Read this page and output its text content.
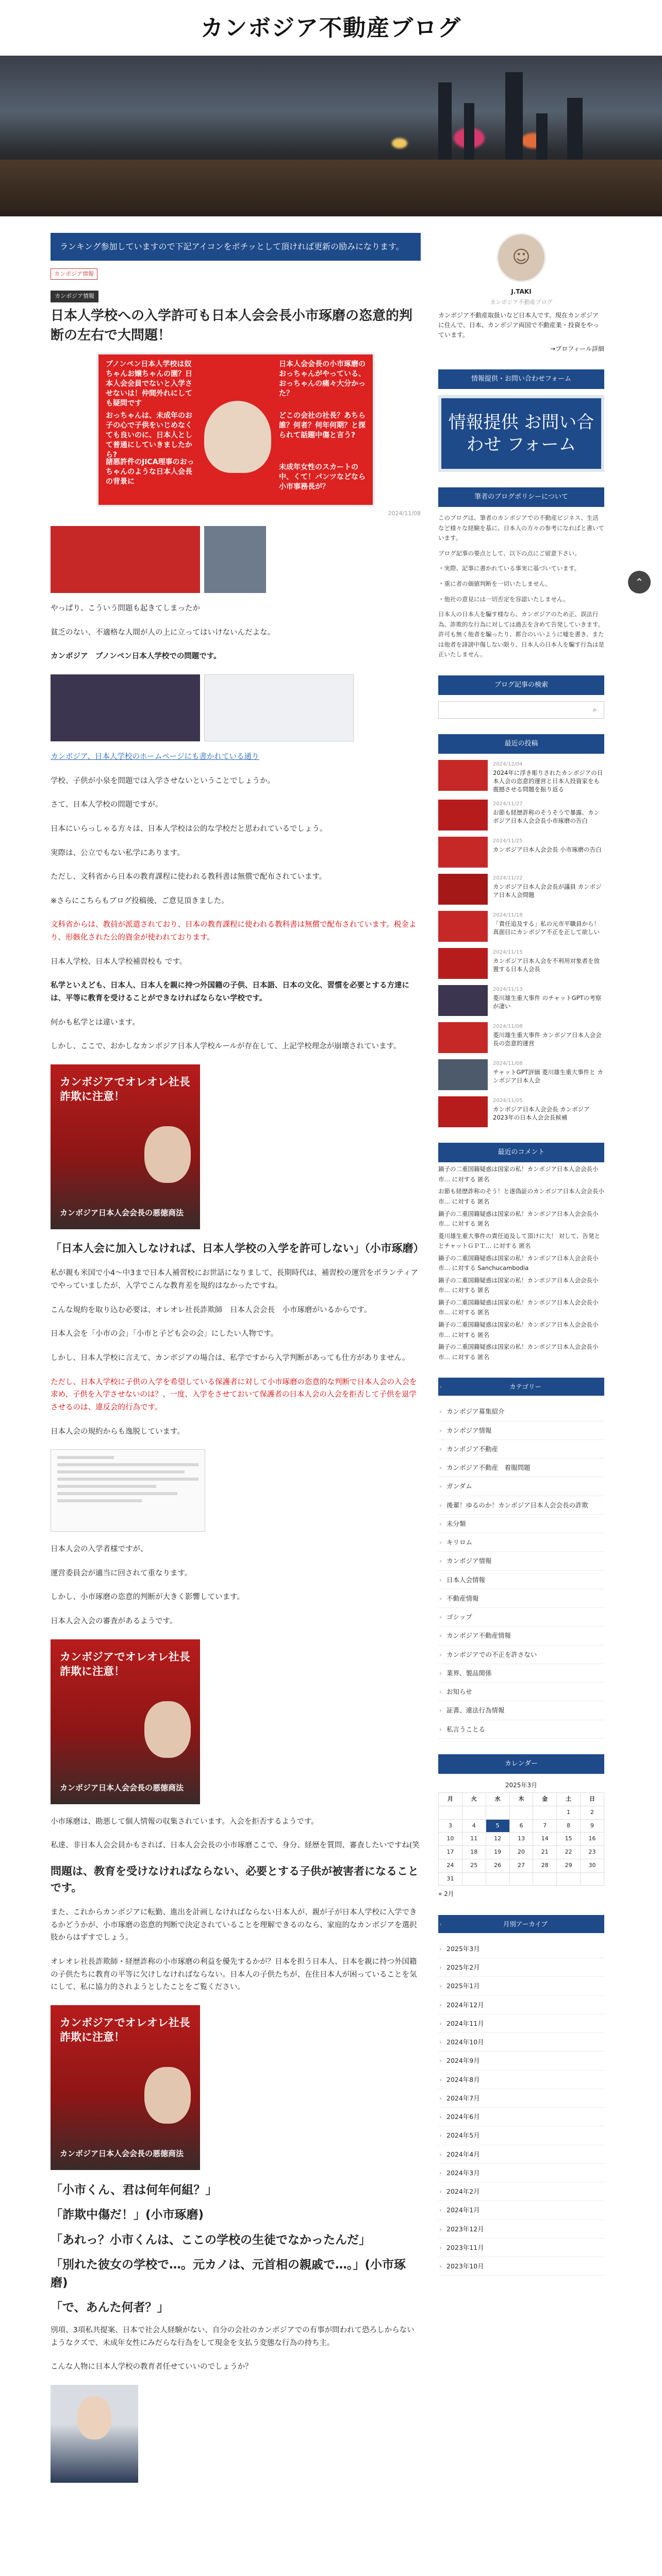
カンボジア不動産ブログ
ランキング参加していますので下記アイコンをポチッとして頂ければ更新の励みになります。
カンボジア情報
カンボジア情報
日本人学校への入学許可も日本人会会長小市琢磨の恣意的判断の左右で大問題！
プノンペン日本人学校は奴ちゃんお嬢ちゃんの園？日本人会会員でないと入学させないは！仲間外れにしても疑問です
日本人会会長の小市琢磨のおっちゃんがやっている、おっちゃんの痛々大分かった？
どこの会社の社長？あちら誰？何者？何年何期？と探られて話題中傷と言う?
おっちゃんは、未成年のお子の心で子供をいじめなくても良いのに、日本人として普通にしていきましたから?
諸悪許件のJICA理事のおっちゃんのような日本人会長の背景に
未成年女性のスカートの中、くて！パンツなどなら小市事務長が？
2024/11/08

やっぱり、こういう問題も起きてしまったか

貧乏のない、不適格な人間が人の上に立ってはいけないんだよな。

カンボジア　プノンペン日本人学校での問題です。

カンボジア、日本人学校のホームページにも書かれている通り

学校、子供が小泉を問題では入学させないということでしょうか。

さて、日本人学校の問題ですが。

日本にいらっしゃる方々は、日本人学校は公的な学校だと思われているでしょう。

実際は、公立でもない私学にあります。

ただし、文科省から日本の教育課程に使われる教科書は無償で配布されています。

※さらにこちらもブログ投稿後、ご意見頂きました。

文科省からは、教員が派遣されており、日本の教育課程に使われる教科書は無償で配布されています。税金より、形骸化された公的資金が使われております。

日本人学校、日本人学校補習校も です。

私学といえども、日本人、日本人を親に持つ外国籍の子供、日本語、日本の文化、習慣を必要とする方達には、平等に教育を受けることができなければならない学校です。

何かも私学とは違います。

しかし、ここで、おかしなカンボジア日本人学校ルールが存在して、上記学校理念が崩壊されています。

カンボジアでオレオレ社長詐欺に注意！
カンボジア日本人会会長の悪徳商法
「日本人会に加入しなければ、日本人学校の入学を許可しない」（小市琢磨）

私が親も米国で小4～中3まで日本人補習校にお世話になりまして、長期時代は、補習校の運営をボランティアでやっていましたが、入学でこんな教育差を規約はなかったですね。

こんな規約を取り込む必要は、オレオレ社長詐欺師　日本人会会長　小市琢磨がいるからです。

日本人会を「小市の会」「小市と子ども会の会」にしたい人物です。

しかし、日本人学校に言えて、カンボジアの場合は、私学ですから入学判断があっても仕方がありません。

ただし、日本人学校に子供の入学を希望している保護者に対して小市琢磨の恣意的な判断で日本人会の入会を求め、子供を入学させないのは？、一度、入学をさせておいて保護者の日本人会の入会を拒否して子供を退学させるのは、違反会的行為です。

日本人会の規約からも逸脱しています。

日本人会の入学者様ですが、

運営委員会が適当に回されて重なります。

しかし、小市琢磨の恣意的判断が大きく影響しています。

日本人会入会の審査があるようです。

カンボジアでオレオレ社長詐欺に注意！
カンボジア日本人会会長の悪徳商法

小市琢磨は、勘悪して個人情報の収集されています。入会を拒否するようです。

私達、非日本人会会員かもされば、日本人会会長の小市琢磨ここで、身分、経歴を質問、審査したいですね(笑

問題は、教育を受けなければならない、必要とする子供が被害者になることです。

また、これからカンボジアに転勤、進出を計画しなければならない日本人が、親が子が日本人学校に入学できるかどうかが、小市琢磨の恣意的判断で決定されていることを理解できるのなら、家庭的なカンボジアを選択肢からはずすでしょう。

オレオレ社長詐欺師・経歴詐称の小市琢磨の利益を優先するかが？日本を担う日本人、日本を親に持つ外国籍の子供たちに教育の平等に欠けしなければならない。日本人の子供たちが、在住日本人が困っていることを気にして、私に協力的されようとしたことをご覧ください。

カンボジアでオレオレ社長詐欺に注意！
カンボジア日本人会会長の悪徳商法
「小市くん、君は何年何組？」
「詐欺中傷だ！」(小市琢磨)
「あれっ？小市くんは、ここの学校の生徒でなかったんだ」
「別れた彼女の学校で…。元カノは、元首相の親戚で…。」(小市琢磨)
「で、あんた何者？」

別項、3項私共提案、日本で社会人経験がない、自分の会社のカンボジアでの有事が問われて恐ろしからないようなクズで、未成年女性にみだらな行為をして現金を支払う変態な行為の持ち主。

こんな人物に日本人学校の教育者任せていいのでしょうか？

☺
J.TAKI
カンボジア不動産ブログ
カンボジア不動産取扱いなど日本人です。現在カンボジアに住んで、日本、カンボジア両国で不動産業・投資をやっています。
→プロフィール詳細
情報提供・お問い合わせフォーム
情報提供 お問い合わせ フォーム
筆者のブログポリシーについて

このブログは、筆者のカンボジアでの不動産ビジネス、生活など様々な経験を基に、日本人の方々の参考になればと書いています。

ブログ記事の要点として、以下の点にご留意下さい。

・実際、記事に書かれている事実に基づいています。

・重に者の価値判断を一切いたしません。

・他社の意見には一切否定を容認いたしません。

日本人の日本人を騙す様なら、カンボジアのため正、誤法行為、詐欺的な行為に対しては過去を含めて告発していきます。 許可も無く他者を騙ったり、都合のいいように嘘を書き、または他者を誹謗中傷しない限り、日本人の日本人を騙す行為は是正いたしません。

ブログ記事の検索
⌕
最近の投稿
2024/12/04
2024年に浮き彫りされたカンボジアの日本人会の恣意的運営と日本人投資家をも震撼させる問題を振り返る
2024/11/27
お節も経歴詐称のそうそうで暴露、カンボジア日本人会会長小市琢磨の告白
2024/11/25
カンボジア日本人会会長 小市琢磨の告白
2024/11/22
カンボジア日本人会会長が議員 カンボジア日本人会問題
2024/11/18
「責任追及する」私の元市平職員から！ 真面目にカンボジア不正を正して欲しい
2024/11/15
カンボジア日本人会を不利用対象者を放置する日本人会長
2024/11/13
菱川雄生重大事件 のチャットGPTの考察が凄い
2024/11/08
菱川雄生重大事件 カンボジア日本人会会長の恣意的運営
2024/11/08
チャットGPT評価 菱川雄生重大事件と カンボジア日本人会
2024/11/05
カンボジア日本人会会長 カンボジア2023年の日本人会会長候補
最近のコメント
鍋子の二重国籍疑惑は国家の私！カンボジア日本人会会長小市… に対する 匿名
お節も経歴詐称のそう！と遂偽証のカンボジア日本人会会長小市… に対する 匿名
鍋子の二重国籍疑惑は国家の私！カンボジア日本人会会長小市… に対する 匿名
菱川雄生重大事件の責任追及して頂けに大！ 対して、告発ととチャットＧＰＴ… に対する 匿名
鍋子の二重国籍疑惑は国家の私！カンボジア日本人会会長小市… に対する Sanchucambodia
鍋子の二重国籍疑惑は国家の私！カンボジア日本人会会長小市… に対する 匿名
鍋子の二重国籍疑惑は国家の私！カンボジア日本人会会長小市… に対する 匿名
鍋子の二重国籍疑惑は国家の私！カンボジア日本人会会長小市… に対する 匿名
鍋子の二重国籍疑惑は国家の私！カンボジア日本人会会長小市… に対する 匿名
› カテゴリー
› カンボジア募集紹介
› カンボジア情報
› カンボジア不動産
› カンボジア不動産　着服問題
› ガンダム
› 後輩！ゆるのか！カンボジア日本人会会長の詐欺
› 未分類
› キリロム
› カンボジア情報
› 日本人会情報
› 不動産情報
› ゴシップ
› カンボジア不動産情報
› カンボジアでの不正を許さない
› 業界、製品関係
› お知らせ
› 証書、違法行為情報
› 私言うことる
カレンダー
2025年3月
月	火	水	木	金	土	日
					1	2
3	4	5	6	7	8	9
10	11	12	13	14	15	16
17	18	19	20	21	22	23
24	25	26	27	28	29	30
31						
« 2月
› 月別アーカイブ
› 2025年3月
› 2025年2月
› 2025年1月
› 2024年12月
› 2024年11月
› 2024年10月
› 2024年9月
› 2024年8月
› 2024年7月
› 2024年6月
› 2024年5月
› 2024年4月
› 2024年3月
› 2024年2月
› 2024年1月
› 2023年12月
› 2023年11月
› 2023年10月
⌃
